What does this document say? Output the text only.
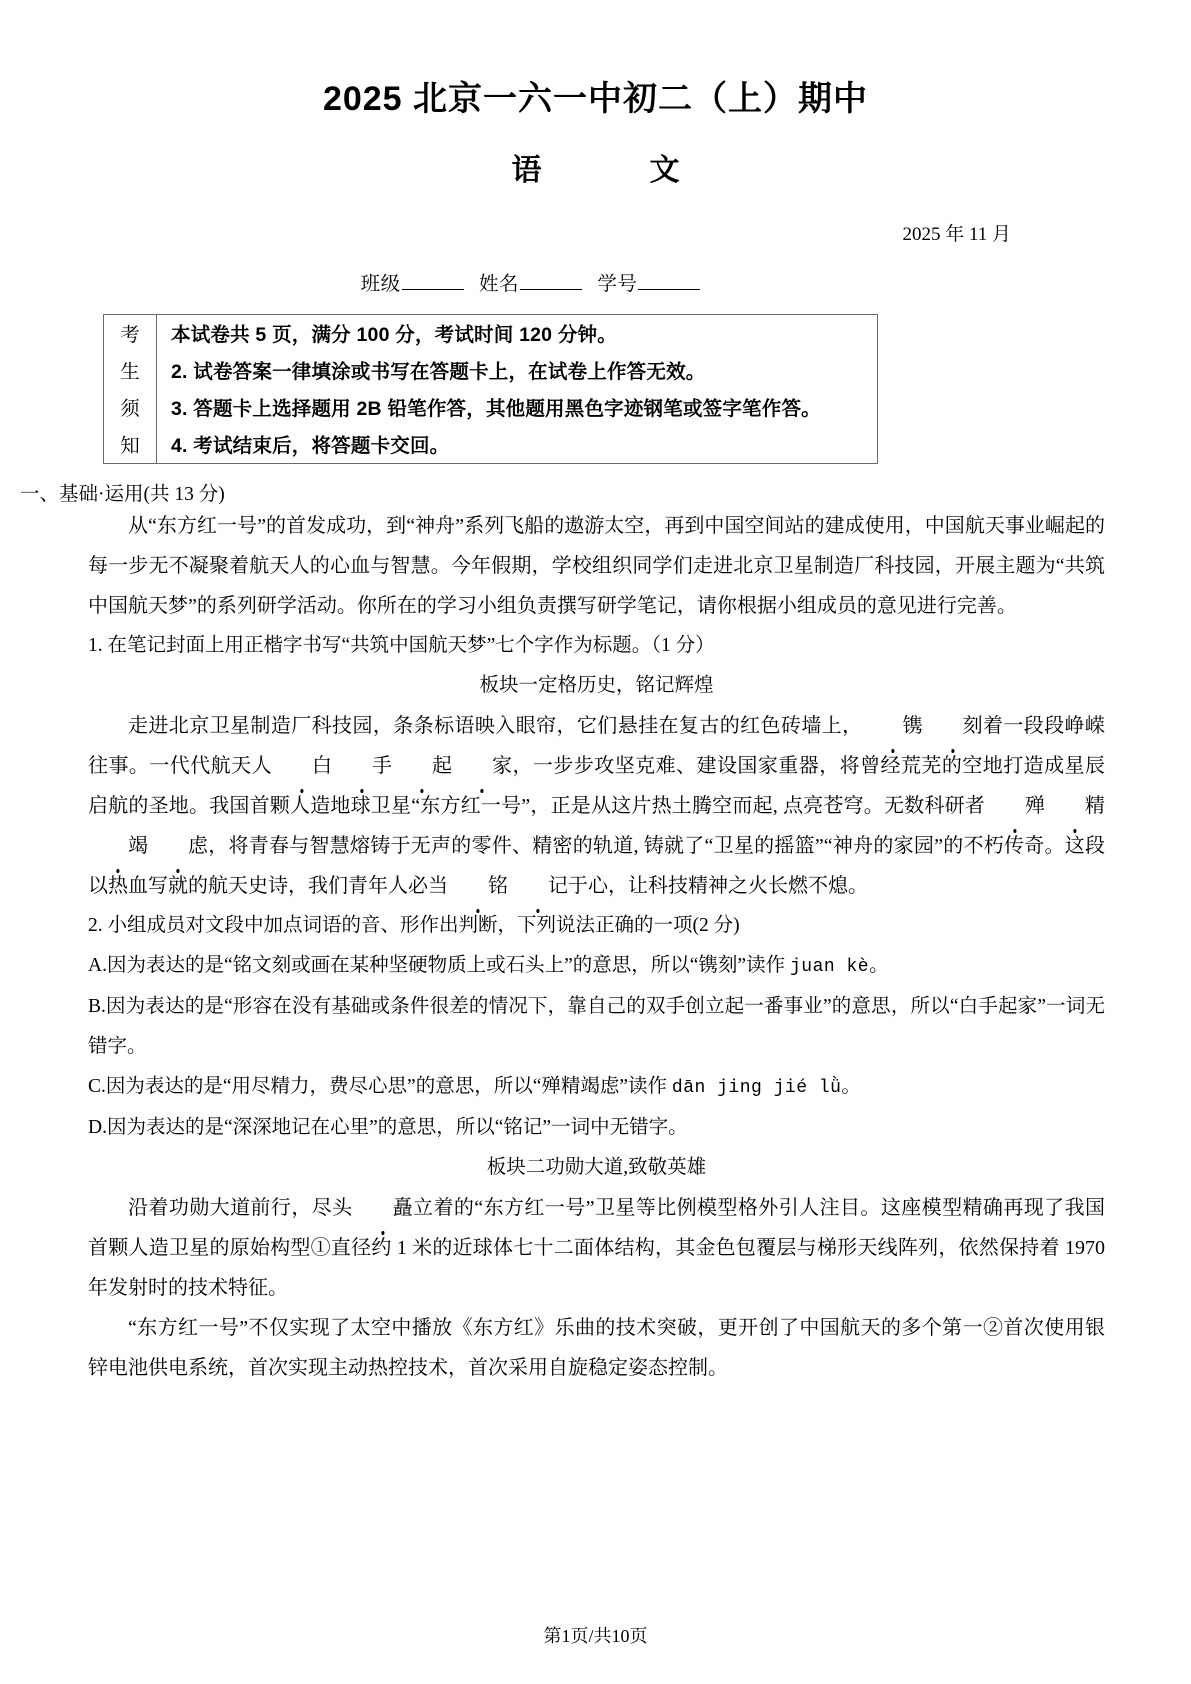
2025 北京一六一中初二（上）期中
语　　文

2025 年 11 月

班级	姓名	学号

考	本试卷共 5 页，满分 100 分，考试时间 120 分钟。
生	2. 试卷答案一律填涂或书写在答题卡上，在试卷上作答无效。
须	3. 答题卡上选择题用 2B 铅笔作答，其他题用黑色字迹钢笔或签字笔作答。
知	4. 考试结束后，将答题卡交回。

一、基础·运用(共 13 分)

从“东方红一号”的首发成功，到“神舟”系列飞船的遨游太空，再到中国空间站的建成使用，中国航天事业崛起的每一步无不凝聚着航天人的心血与智慧。今年假期，学校组织同学们走进北京卫星制造厂科技园，开展主题为“共筑中国航天梦”的系列研学活动。你所在的学习小组负责撰写研学笔记，请你根据小组成员的意见进行完善。

1. 在笔记封面上用正楷字书写“共筑中国航天梦”七个字作为标题。（1 分）

板块一定格历史，铭记辉煌

走进北京卫星制造厂科技园，条条标语映入眼帘，它们悬挂在复古的红色砖墙上， 镌 刻着一段段峥嵘往事。一代代航天人 白 手 起 家，一步步攻坚克难、建设国家重器，将曾经荒芜的空地打造成星辰启航的圣地。我国首颗人造地球卫星“东方红一号”，正是从这片热土腾空而起, 点亮苍穹。无数科研者 殚 精竭 虑，将青春与智慧熔铸于无声的零件、精密的轨道, 铸就了“卫星的摇篮”“神舟的家园”的不朽传奇。这段以热血写就的航天史诗，我们青年人必当 铭 记于心，让科技精神之火长燃不熄。

2. 小组成员对文段中加点词语的音、形作出判断，下列说法正确的一项(2 分)

A.因为表达的是“铭文刻或画在某种坚硬物质上或石头上”的意思，所以“镌刻”读作 juan kè。

B.因为表达的是“形容在没有基础或条件很差的情况下，靠自己的双手创立起一番事业”的意思，所以“白手起家”一词无错字。

C.因为表达的是“用尽精力，费尽心思”的意思，所以“殚精竭虑”读作 dān jing jié lǜ。

D.因为表达的是“深深地记在心里”的意思，所以“铭记”一词中无错字。

板块二功勋大道,致敬英雄

沿着功勋大道前行，尽头 矗立着的“东方红一号”卫星等比例模型格外引人注目。这座模型精确再现了我国首颗人造卫星的原始构型①直径约 1 米的近球体七十二面体结构，其金色包覆层与梯形天线阵列，依然保持着 1970 年发射时的技术特征。

“东方红一号”不仅实现了太空中播放《东方红》乐曲的技术突破，更开创了中国航天的多个第一②首次使用银锌电池供电系统，首次实现主动热控技术，首次采用自旋稳定姿态控制。

第1页/共10页
